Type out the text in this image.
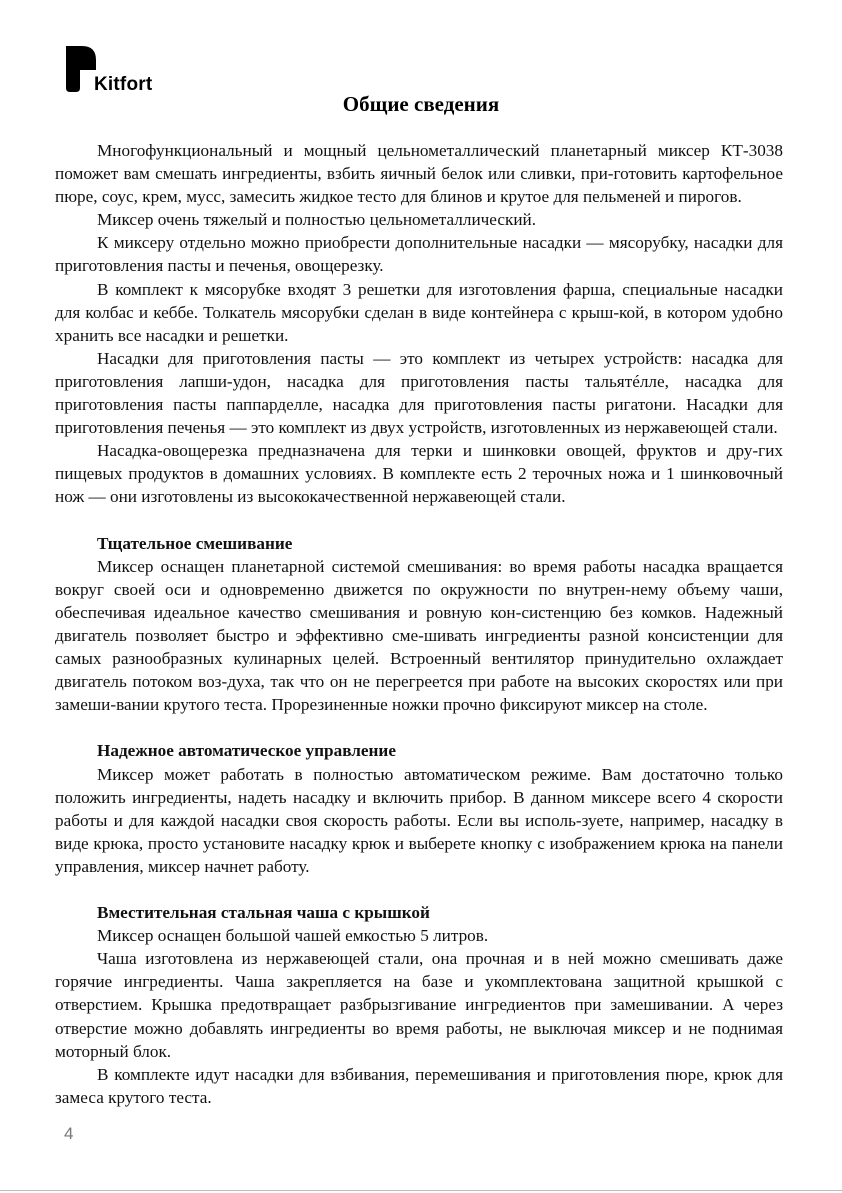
Kitfort
Общие сведения

Многофункциональный и мощный цельнометаллический планетарный миксер КТ-3038 поможет вам смешать ингредиенты, взбить яичный белок или сливки, при-готовить картофельное пюре, соус, крем, мусс, замесить жидкое тесто для блинов и крутое для пельменей и пирогов.

Миксер очень тяжелый и полностью цельнометаллический.

К миксеру отдельно можно приобрести дополнительные насадки — мясорубку, насадки для приготовления пасты и печенья, овощерезку.

В комплект к мясорубке входят 3 решетки для изготовления фарша, специальные насадки для колбас и кеббе. Толкатель мясорубки сделан в виде контейнера с крыш-кой, в котором удобно хранить все насадки и решетки.

Насадки для приготовления пасты — это комплект из четырех устройств: насадка для приготовления лапши-удон, насадка для приготовления пасты тальятéлле, насадка для приготовления пасты паппарделле, насадка для приготовления пасты ригатони. Насадки для приготовления печенья — это комплект из двух устройств, изготовленных из нержавеющей стали.

Насадка-овощерезка предназначена для терки и шинковки овощей, фруктов и дру-гих пищевых продуктов в домашних условиях. В комплекте есть 2 терочных ножа и 1 шинковочный нож — они изготовлены из высококачественной нержавеющей стали.

Тщательное смешивание

Миксер оснащен планетарной системой смешивания: во время работы насадка вращается вокруг своей оси и одновременно движется по окружности по внутрен-нему объему чаши, обеспечивая идеальное качество смешивания и ровную кон-систенцию без комков. Надежный двигатель позволяет быстро и эффективно сме-шивать ингредиенты разной консистенции для самых разнообразных кулинарных целей. Встроенный вентилятор принудительно охлаждает двигатель потоком воз-духа, так что он не перегреется при работе на высоких скоростях или при замеши-вании крутого теста. Прорезиненные ножки прочно фиксируют миксер на столе.

Надежное автоматическое управление

Миксер может работать в полностью автоматическом режиме. Вам достаточно только положить ингредиенты, надеть насадку и включить прибор. В данном миксере всего 4 скорости работы и для каждой насадки своя скорость работы. Если вы исполь-зуете, например, насадку в виде крюка, просто установите насадку крюк и выберете кнопку с изображением крюка на панели управления, миксер начнет работу.

Вместительная стальная чаша с крышкой

Миксер оснащен большой чашей емкостью 5 литров.

Чаша изготовлена из нержавеющей стали, она прочная и в ней можно смешивать даже горячие ингредиенты. Чаша закрепляется на базе и укомплектована защитной крышкой с отверстием. Крышка предотвращает разбрызгивание ингредиентов при замешивании. А через отверстие можно добавлять ингредиенты во время работы, не выключая миксер и не поднимая моторный блок.

В комплекте идут насадки для взбивания, перемешивания и приготовления пюре, крюк для замеса крутого теста.

4
